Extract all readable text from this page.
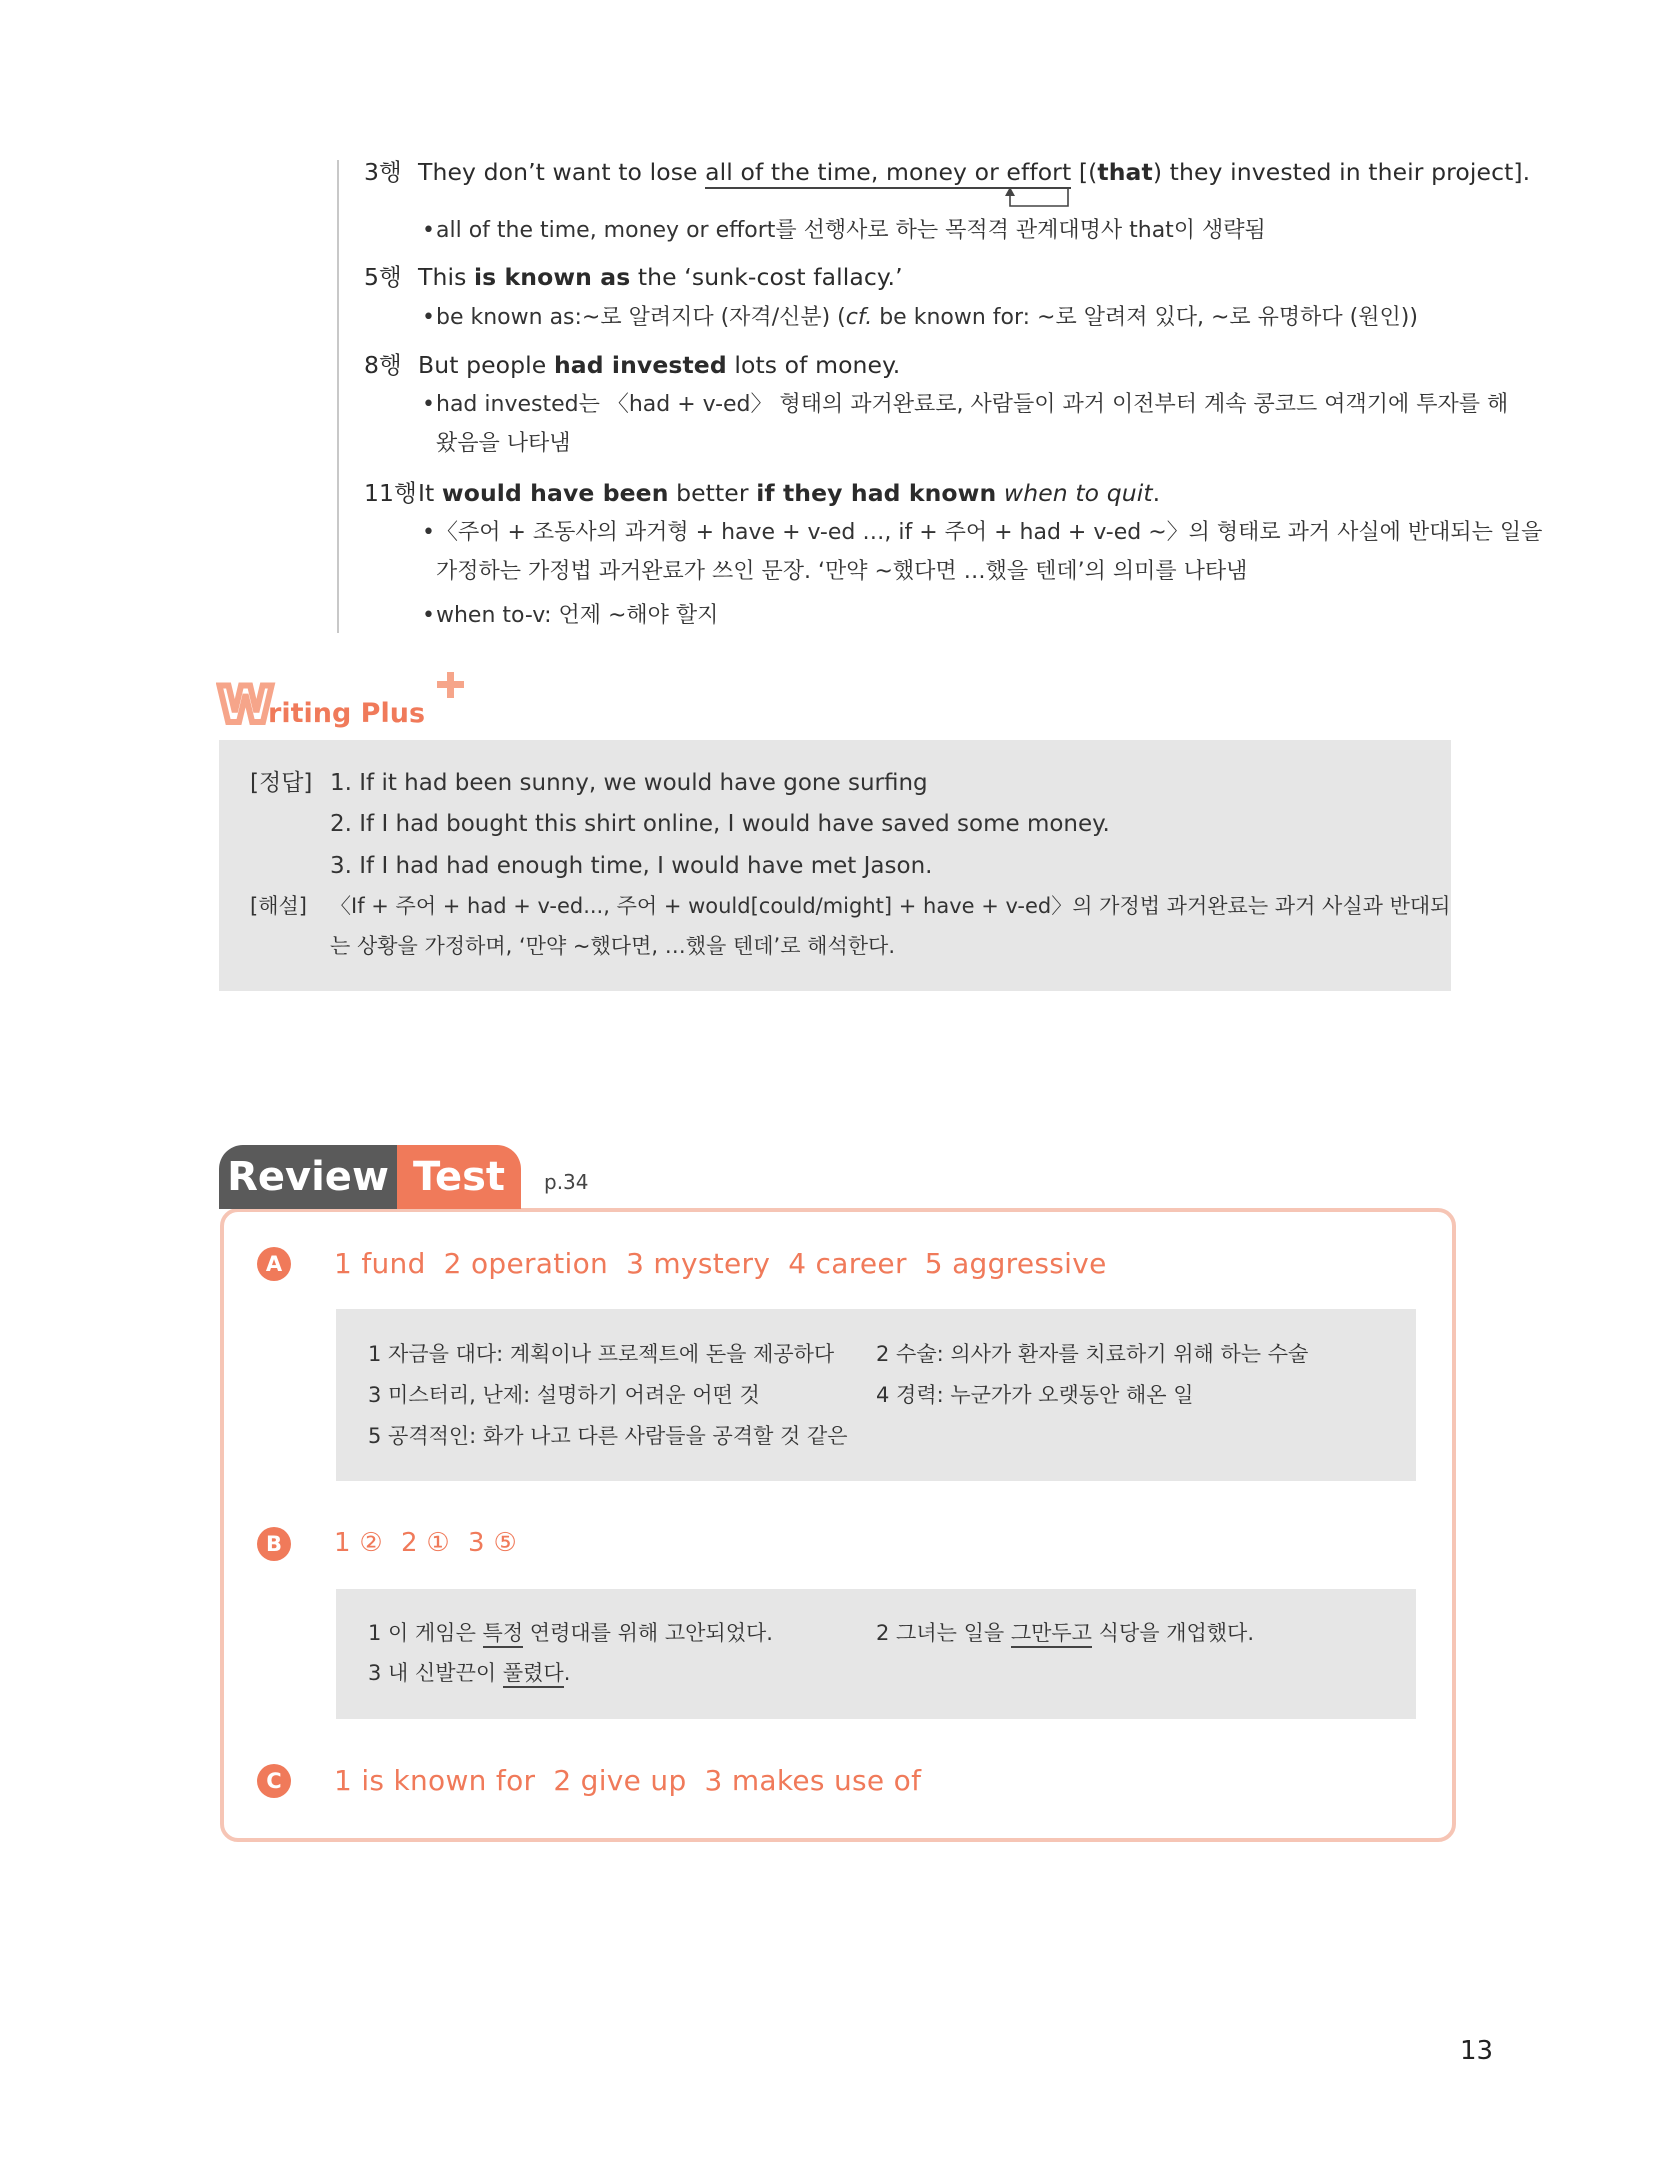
3행 They don’t want to lose all of the time, money or effort [(that) they invested in their project].
•all of the time, money or effort를 선행사로 하는 목적격 관계대명사 that이 생략됨
5행 This is known as the ‘sunk-cost fallacy.’
•be known as:~로 알려지다 (자격/신분) (cf. be known for: ~로 알려져 있다, ~로 유명하다 (원인))
8행 But people had invested lots of money.
•had invested는 〈had + v-ed〉 형태의 과거완료로, 사람들이 과거 이전부터 계속 콩코드 여객기에 투자를 해
왔음을 나타냄
11행It would have been better if they had known when to quit.
•〈주어 + 조동사의 과거형 + have + v-ed …, if + 주어 + had + v-ed ~〉의 형태로 과거 사실에 반대되는 일을
가정하는 가정법 과거완료가 쓰인 문장. ‘만약 ~했다면 …했을 텐데’의 의미를 나타냄
•when to-v: 언제 ~해야 할지
W
riting Plus
[정답] 1. If it had been sunny, we would have gone surfing
2. If I had bought this shirt online, I would have saved some money.
3. If I had had enough time, I would have met Jason.
[해설] 〈If + 주어 + had + v-ed..., 주어 + would[could/might] + have + v-ed〉의 가정법 과거완료는 과거 사실과 반대되
는 상황을 가정하며, ‘만약 ~했다면, …했을 텐데’로 해석한다.
Review Test	p.34
A	1 fund 2 operation 3 mystery 4 career 5 aggressive
1 자금을 대다: 계획이나 프로젝트에 돈을 제공하다 2 수술: 의사가 환자를 치료하기 위해 하는 수술
3 미스터리, 난제: 설명하기 어려운 어떤 것	4 경력: 누군가가 오랫동안 해온 일
5 공격적인: 화가 나고 다른 사람들을 공격할 것 같은
B	1 ② 2 ① 3 ⑤
1 이 게임은 특정 연령대를 위해 고안되었다.	2 그녀는 일을 그만두고 식당을 개업했다.
3 내 신발끈이 풀렸다.
C	1 is known for 2 give up 3 makes use of
13
